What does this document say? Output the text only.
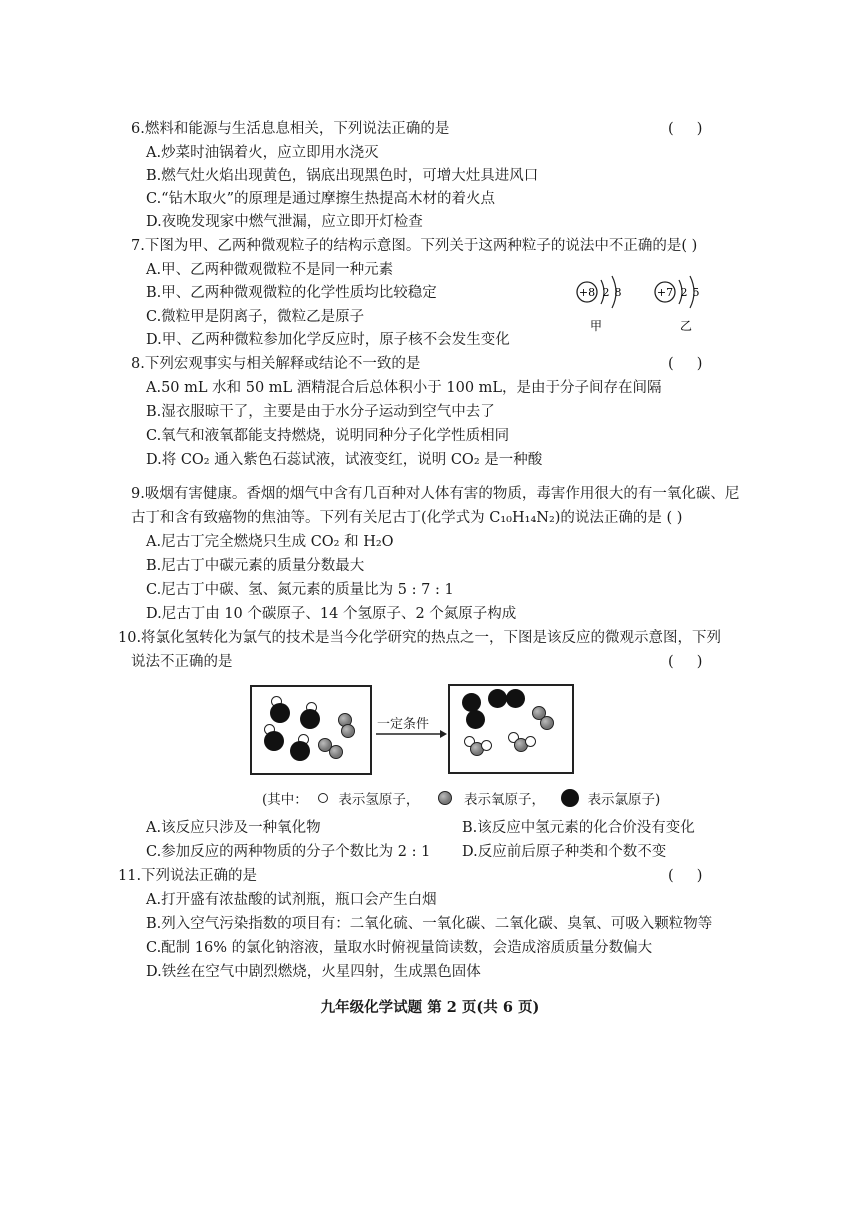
6.燃料和能源与生活息息相关，下列说法正确的是	(     )
A.炒菜时油锅着火，应立即用水浇灭
B.燃气灶火焰出现黄色，锅底出现黑色时，可增大灶具进风口
C.“钻木取火”的原理是通过摩擦生热提高木材的着火点
D.夜晚发现家中燃气泄漏，应立即开灯检查
7.下图为甲、乙两种微观粒子的结构示意图。下列关于这两种粒子的说法中不正确的是( )
A.甲、乙两种微观微粒不是同一种元素
B.甲、乙两种微观微粒的化学性质均比较稳定
C.微粒甲是阴离子，微粒乙是原子
D.甲、乙两种微粒参加化学反应时，原子核不会发生变化
+8 2 8
甲
+7 2 5
乙
8.下列宏观事实与相关解释或结论不一致的是	(     )
A.50 mL 水和 50 mL 酒精混合后总体积小于 100 mL，是由于分子间存在间隔
B.湿衣服晾干了，主要是由于水分子运动到空气中去了
C.氧气和液氧都能支持燃烧，说明同种分子化学性质相同
D.将 CO₂ 通入紫色石蕊试液，试液变红，说明 CO₂ 是一种酸
9.吸烟有害健康。香烟的烟气中含有几百种对人体有害的物质，毒害作用很大的有一氧化碳、尼
古丁和含有致癌物的焦油等。下列有关尼古丁(化学式为 C₁₀H₁₄N₂)的说法正确的是 ( )
A.尼古丁完全燃烧只生成 CO₂ 和 H₂O
B.尼古丁中碳元素的质量分数最大
C.尼古丁中碳、氢、氮元素的质量比为 5 : 7 : 1
D.尼古丁由 10 个碳原子、14 个氢原子、2 个氮原子构成
10.将氯化氢转化为氯气的技术是当今化学研究的热点之一，下图是该反应的微观示意图，下列
说法不正确的是	(     )
一定条件
(其中： 表示氢原子，	表示氧原子，	表示氯原子)
A.该反应只涉及一种氧化物	B.该反应中氢元素的化合价没有变化
C.参加反应的两种物质的分子个数比为 2 : 1 D.反应前后原子种类和个数不变
11.下列说法正确的是	(     )
A.打开盛有浓盐酸的试剂瓶，瓶口会产生白烟
B.列入空气污染指数的项目有：二氧化硫、一氧化碳、二氧化碳、臭氧、可吸入颗粒物等
C.配制 16% 的氯化钠溶液，量取水时俯视量筒读数，会造成溶质质量分数偏大
D.铁丝在空气中剧烈燃烧，火星四射，生成黑色固体
九年级化学试题 第 2 页(共 6 页)
